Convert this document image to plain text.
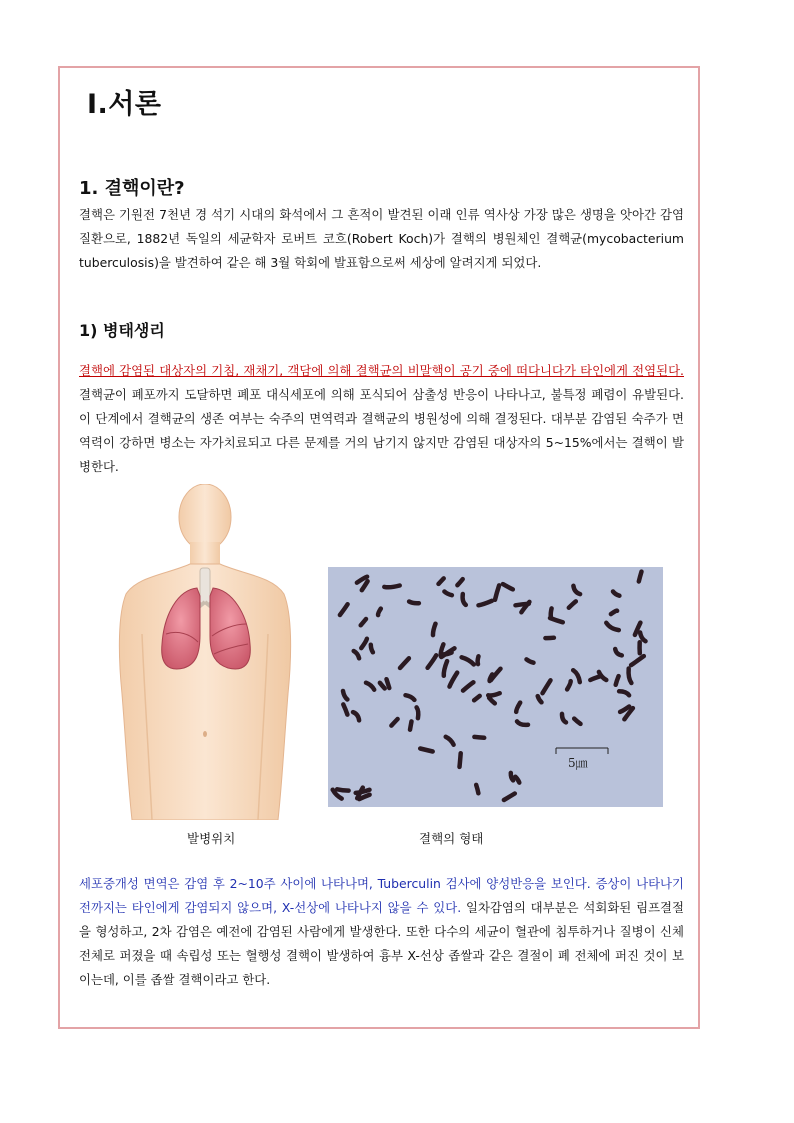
Ⅰ.서론
1. 결핵이란?

결핵은 기원전 7천년 경 석기 시대의 화석에서 그 흔적이 발견된 이래 인류 역사상 가장 많은 생명을 앗아간 감염 질환으로, 1882년 독일의 세균학자 로버트 코흐(Robert Koch)가 결핵의 병원체인 결핵균(mycobacterium tuberculosis)을 발견하여 같은 해 3월 학회에 발표함으로써 세상에 알려지게 되었다.

1) 병태생리

결핵에 감염된 대상자의 기침, 재채기, 객담에 의해 결핵균의 비말핵이 공기 중에 떠다니다가 타인에게 전염된다. 결핵균이 폐포까지 도달하면 폐포 대식세포에 의해 포식되어 삼출성 반응이 나타나고, 불특정 폐렴이 유발된다. 이 단계에서 결핵균의 생존 여부는 숙주의 면역력과 결핵균의 병원성에 의해 결정된다. 대부분 감염된 숙주가 면역력이 강하면 병소는 자가치료되고 다른 문제를 거의 남기지 않지만 감염된 대상자의 5~15%에서는 결핵이 발병한다.

5㎛
발병위치	결핵의 형태

세포중개성 면역은 감염 후 2~10주 사이에 나타나며, Tuberculin 검사에 양성반응을 보인다. 증상이 나타나기 전까지는 타인에게 감염되지 않으며, X-선상에 나타나지 않을 수 있다. 일차감염의 대부분은 석회화된 림프결절을 형성하고, 2차 감염은 예전에 감염된 사람에게 발생한다. 또한 다수의 세균이 혈관에 침투하거나 질병이 신체 전체로 퍼졌을 때 속립성 또는 혈행성 결핵이 발생하여 흉부 X-선상 좁쌀과 같은 결절이 폐 전체에 퍼진 것이 보이는데, 이를 좁쌀 결핵이라고 한다.
